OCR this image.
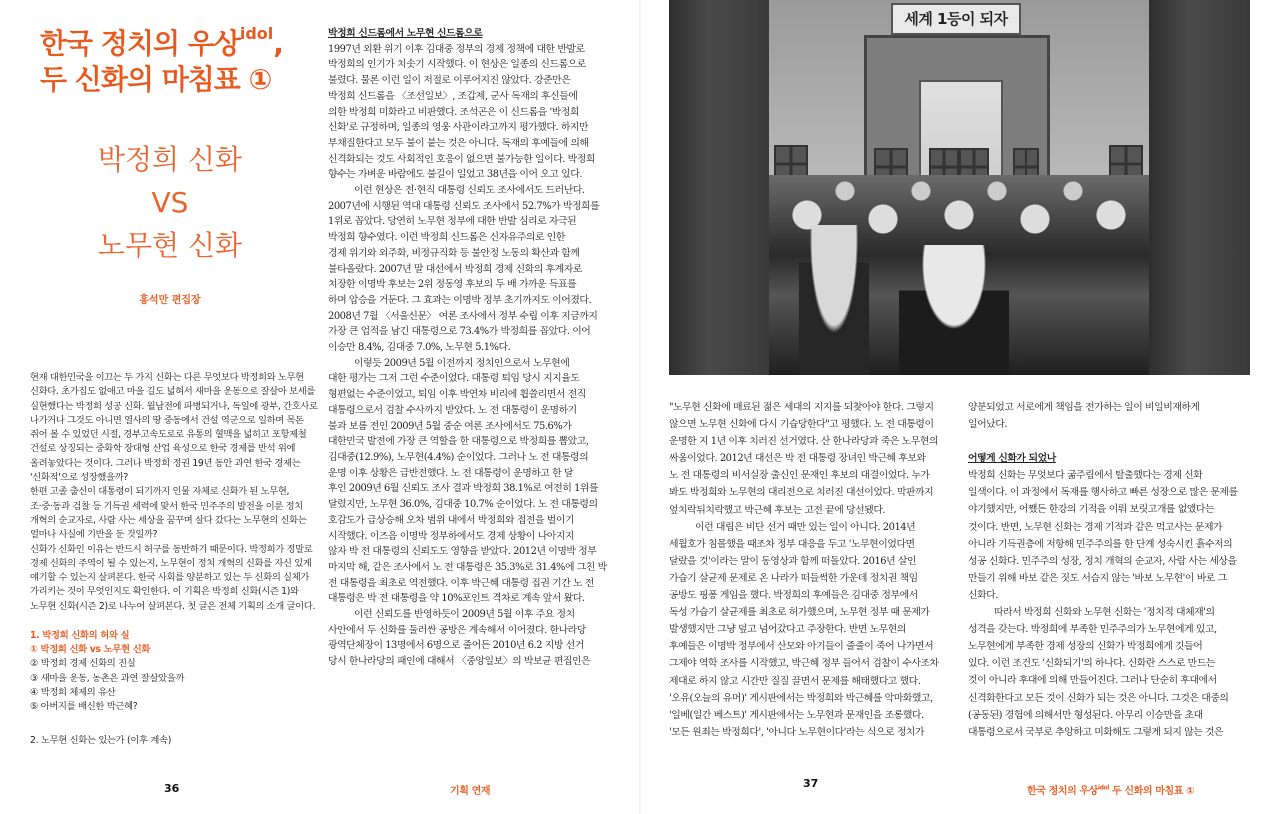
한국 정치의 우상$^{idol}$,
두 신화의 마침표 ①
박정희 신화
VS
노무현 신화
홍석만 편집장
현재 대한민국을 이끄는 두 가지 신화는 다른 무엇보다 박정희와 노무현
신화다. 초가집도 없애고 마을 길도 넓혀서 새마을 운동으로 잘살아 보세를
실현했다는 박정희 성공 신화. 월남전에 파병되거나, 독일에 광부, 간호사로
나가거나 그것도 아니면 열사의 땅 중동에서 건설 역군으로 일하며 목돈
쥐어 볼 수 있었던 시절, 경부고속도로로 유통의 혈맥을 넓히고 포항제철
건설로 상징되는 중화학 장대형 산업 육성으로 한국 경제를 반석 위에
올려놓았다는 것이다. 그러나 박정희 정권 19년 동안 과연 한국 경제는
'신화적'으로 성장했을까?
한편 고졸 출신이 대통령이 되기까지 인물 자체로 신화가 된 노무현,
조·중·동과 검찰 등 기득권 세력에 맞서 한국 민주주의 발전을 이룬 정치
개혁의 순교자로, 사람 사는 세상을 꿈꾸며 살다 갔다는 노무현의 신화는
얼마나 사실에 기반을 둔 것일까?
신화가 신화인 이유는 반드시 허구를 동반하기 때문이다. 박정희가 정말로
경제 신화의 주역이 될 수 있는지, 노무현이 정치 개혁의 신화를 자신 있게
얘기할 수 있는지 살펴본다. 한국 사회를 양분하고 있는 두 신화의 실체가
가리키는 것이 무엇인지도 확인한다. 이 기획은 박정희 신화(시즌 1)와
노무현 신화(시즌 2)로 나누어 살펴본다. 첫 글은 전체 기획의 소개 글이다.
1. 박정희 신화의 허와 실
① 박정희 신화 vs 노무현 신화
② 박정희 경제 신화의 진실
③ 새마을 운동, 농촌은 과연 잘살았을까
④ 박정희 체제의 유산
⑤ 아버지를 배신한 박근혜?
2. 노무현 신화는 있는가 (이후 계속)
박정희 신드롬에서 노무현 신드롬으로
1997년 외환 위기 이후 김대중 정부의 경제 정책에 대한 반발로
박정희의 인기가 치솟기 시작했다. 이 현상은 일종의 신드롬으로
불렸다. 물론 이런 일이 저절로 이루어지진 않았다. 강준만은
박정희 신드롬을 〈조선일보〉, 조갑제, 군사 독재의 후신들에
의한 박정희 미화라고 비판했다. 조석곤은 이 신드롬을 '박정희
신화'로 규정하며, 일종의 영웅 사관이라고까지 평가했다. 하지만
부채질한다고 모두 불이 붙는 것은 아니다. 독재의 후예들에 의해
신격화되는 것도 사회적인 호응이 없으면 불가능한 일이다. 박정희
향수는 가벼운 바람에도 불길이 일었고 38년을 이어 오고 있다.
이런 현상은 전·현직 대통령 신뢰도 조사에서도 드러난다.
2007년에 시행된 역대 대통령 신뢰도 조사에서 52.7%가 박정희를
1위로 꼽았다. 당연히 노무현 정부에 대한 반발 심리로 자극된
박정희 향수였다. 이런 박정희 신드롬은 신자유주의로 인한
경제 위기와 외주화, 비정규직화 등 불안정 노동의 확산과 함께
불타올랐다. 2007년 말 대선에서 박정희 경제 신화의 후계자로
치장한 이명박 후보는 2위 정동영 후보의 두 배 가까운 득표를
하며 압승을 거둔다. 그 효과는 이명박 정부 초기까지도 이어졌다.
2008년 7월 〈서울신문〉 여론 조사에서 정부 수립 이후 지금까지
가장 큰 업적을 남긴 대통령으로 73.4%가 박정희를 꼽았다. 이어
이승만 8.4%, 김대중 7.0%, 노무현 5.1%다.
이렇듯 2009년 5월 이전까지 정치인으로서 노무현에
대한 평가는 그저 그런 수준이었다. 대통령 퇴임 당시 지지율도
형편없는 수준이었고, 퇴임 이후 박연차 비리에 휩쓸리면서 전직
대통령으로서 검찰 수사까지 받았다. 노 전 대통령이 운명하기
불과 보름 전인 2009년 5월 중순 여론 조사에서도 75.6%가
대한민국 발전에 가장 큰 역할을 한 대통령으로 박정희를 뽑았고,
김대중(12.9%), 노무현(4.4%) 순이었다. 그러나 노 전 대통령의
운명 이후 상황은 급반전했다. 노 전 대통령이 운명하고 한 달
후인 2009년 6월 신뢰도 조사 결과 박정희 38.1%로 여전히 1위를
달렸지만, 노무현 36.0%, 김대중 10.7% 순이었다. 노 전 대통령의
호감도가 급상승해 오차 범위 내에서 박정희와 접전을 벌이기
시작했다. 이즈음 이명박 정부하에서도 경제 상황이 나아지지
않자 박 전 대통령의 신뢰도도 영향을 받았다. 2012년 이명박 정부
마지막 해, 같은 조사에서 노 전 대통령은 35.3%로 31.4%에 그친 박
전 대통령을 최초로 역전했다. 이후 박근혜 대통령 집권 기간 노 전
대통령은 박 전 대통령을 약 10%포인트 격차로 계속 앞서 왔다.
이런 신뢰도를 반영하듯이 2009년 5월 이후 주요 정치
사안에서 두 신화를 둘러싼 공방은 계속해서 이어졌다. 한나라당
광역단체장이 13명에서 6명으로 줄어든 2010년 6.2 지방 선거
당시 한나라당의 패인에 대해서 〈중앙일보〉의 박보균 편집인은
36	기획 연재
세계 1등이 되자
"노무현 신화에 매료된 젊은 세대의 지지를 되찾아야 한다. 그렇지
않으면 노무현 신화에 다시 기습당한다"고 평했다. 노 전 대통령이
운명한 지 1년 이후 치러진 선거였다. 산 한나라당과 죽은 노무현의
싸움이었다. 2012년 대선은 박 전 대통령 장녀인 박근혜 후보와
노 전 대통령의 비서실장 출신인 문재인 후보의 대결이었다. 누가
봐도 박정희와 노무현의 대리전으로 치러진 대선이었다. 막판까지
엎치락뒤치락했고 박근혜 후보는 고전 끝에 당선됐다.
이런 대립은 비단 선거 때만 있는 일이 아니다. 2014년
세월호가 침몰했을 때조차 정부 대응을 두고 '노무현이었다면
달랐을 것'이라는 말이 동영상과 함께 떠돌았다. 2016년 살인
가습기 살균제 문제로 온 나라가 떠들썩한 가운데 정치권 책임
공방도 핑퐁 게임을 했다. 박정희의 후예들은 김대중 정부에서
독성 가습기 살균제를 최초로 허가했으며, 노무현 정부 때 문제가
발생했지만 그냥 덮고 넘어갔다고 주장한다. 반면 노무현의
후예들은 이명박 정부에서 산모와 아기들이 줄줄이 죽어 나가면서
그제야 역학 조사를 시작했고, 박근혜 정부 들어서 검찰이 수사조차
제대로 하지 않고 시간만 질질 끌면서 문제를 해태했다고 했다.
'오유(오늘의 유머)' 게시판에서는 박정희와 박근혜를 악마화했고,
'일베(일간 베스트)' 게시판에서는 노무현과 문재인을 조롱했다.
'모든 원죄는 박정희다', '아니다 노무현이다'라는 식으로 정치가
양분되었고 서로에게 책임을 전가하는 일이 비일비재하게
일어났다.
어떻게 신화가 되었나
박정희 신화는 무엇보다 굶주림에서 탈출했다는 경제 신화
일색이다. 이 과정에서 독재를 행사하고 빠른 성장으로 많은 문제를
야기했지만, 어쨌든 한강의 기적을 이뤄 보릿고개를 없앴다는
것이다. 반면, 노무현 신화는 경제 기적과 같은 먹고사는 문제가
아니라 기득권층에 저항해 민주주의를 한 단계 성숙시킨 흙수저의
성공 신화다. 민주주의 성장, 정치 개혁의 순교자, 사람 사는 세상을
만들기 위해 바보 같은 짓도 서슴지 않는 '바보 노무현'이 바로 그
신화다.
따라서 박정희 신화와 노무현 신화는 '정치적 대체재'의
성격을 갖는다. 박정희에 부족한 민주주의가 노무현에게 있고,
노무현에게 부족한 경제 성장의 신화가 박정희에게 깃들어
있다. 이런 조건도 '신화되기'의 하나다. 신화란 스스로 만드는
것이 아니라 후대에 의해 만들어진다. 그러나 단순히 후대에서
신격화한다고 모든 것이 신화가 되는 것은 아니다. 그것은 대중의
(공동된) 경험에 의해서만 형성된다. 아무리 이승만을 초대
대통령으로서 국부로 추앙하고 미화해도 그렇게 되지 않는 것은
37
한국 정치의 우상$^{idol}$ 두 신화의 마침표 ①
